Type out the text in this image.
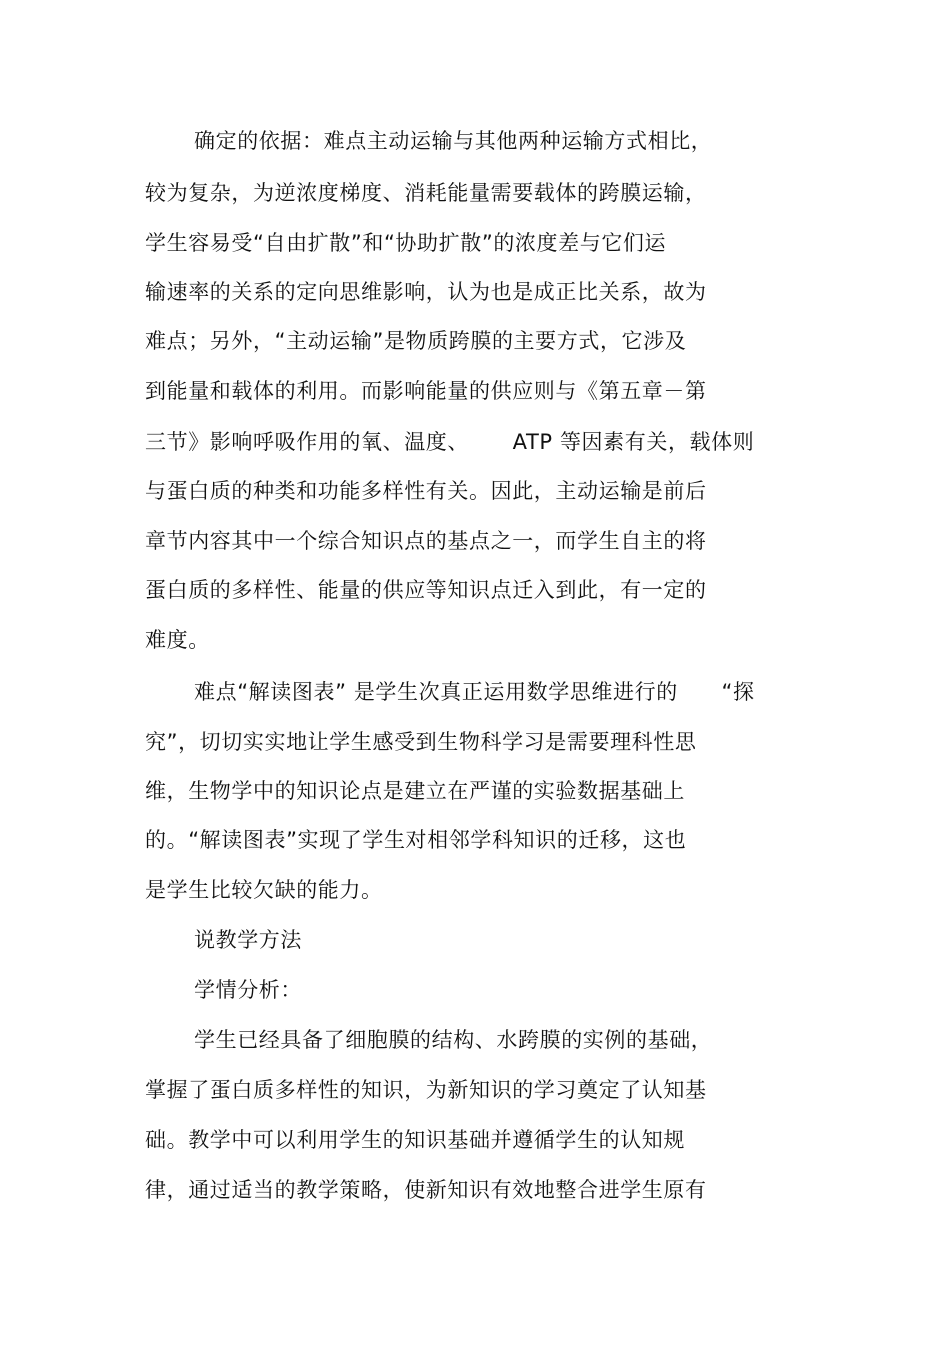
确定的依据：难点主动运输与其他两种运输方式相比，
较为复杂，为逆浓度梯度、消耗能量需要载体的跨膜运输，
学生容易受“自由扩散”和“协助扩散”的浓度差与它们运
输速率的关系的定向思维影响，认为也是成正比关系，故为
难点；另外，“主动运输”是物质跨膜的主要方式，它涉及
到能量和载体的利用。而影响能量的供应则与《第五章－第
三节》影响呼吸作用的氧、温度、      ATP 等因素有关，载体则
与蛋白质的种类和功能多样性有关。因此，主动运输是前后
章节内容其中一个综合知识点的基点之一，而学生自主的将
蛋白质的多样性、能量的供应等知识点迁入到此，有一定的
难度。
难点“解读图表” 是学生次真正运用数学思维进行的      “探
究”，切切实实地让学生感受到生物科学习是需要理科性思
维，生物学中的知识论点是建立在严谨的实验数据基础上
的。“解读图表”实现了学生对相邻学科知识的迁移，这也
是学生比较欠缺的能力。
说教学方法
学情分析：
学生已经具备了细胞膜的结构、水跨膜的实例的基础，
掌握了蛋白质多样性的知识，为新知识的学习奠定了认知基
础。教学中可以利用学生的知识基础并遵循学生的认知规
律，通过适当的教学策略，使新知识有效地整合进学生原有
